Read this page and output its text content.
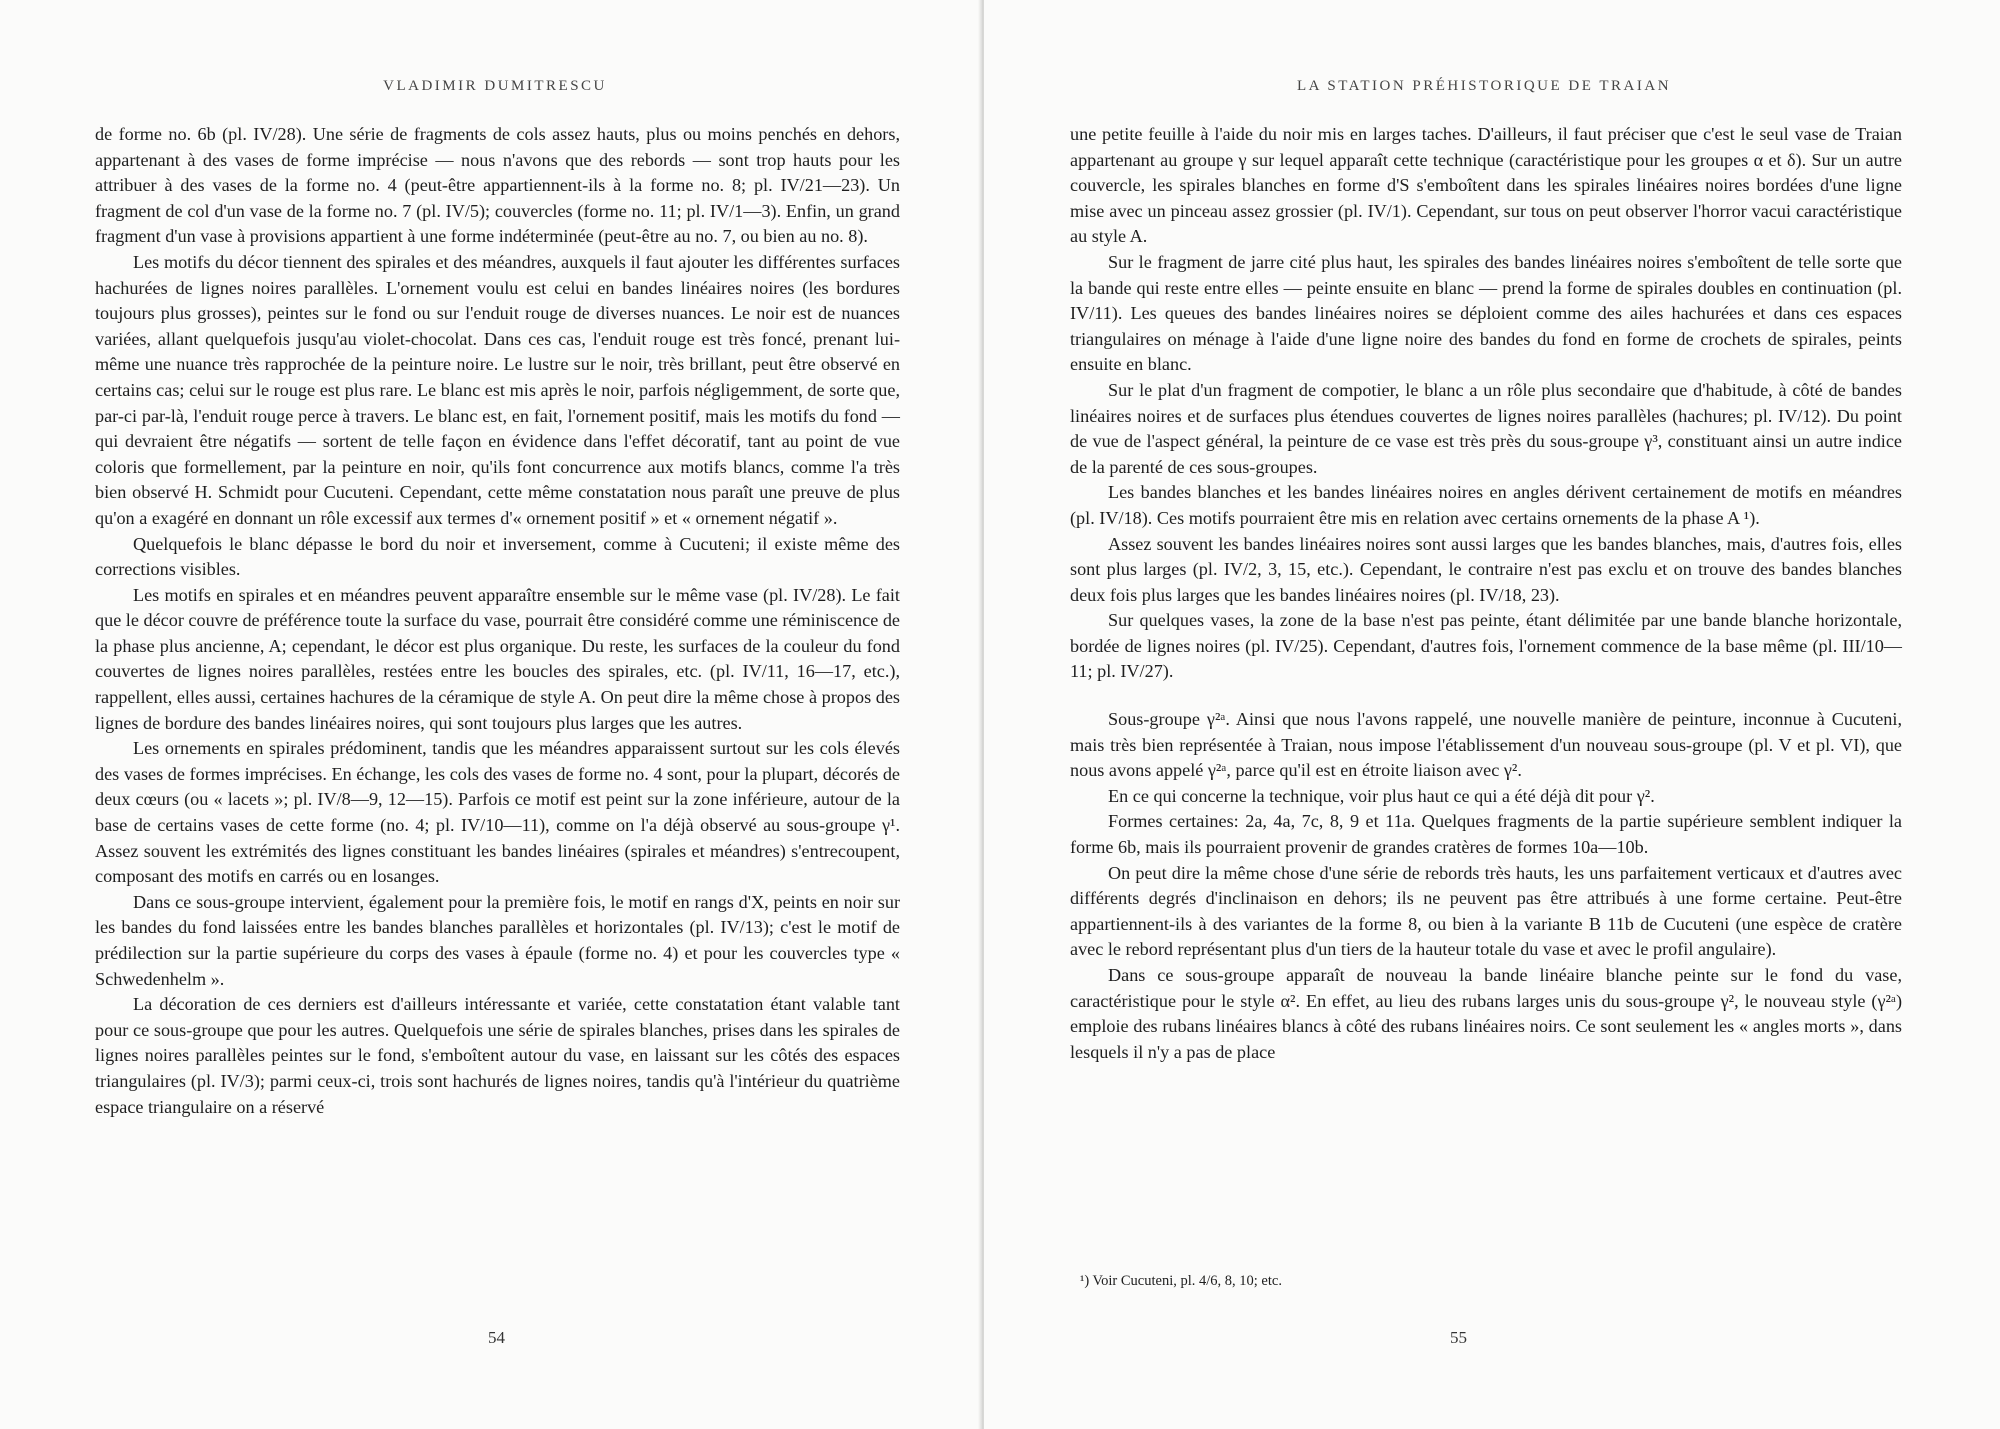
VLADIMIR DUMITRESCU

de forme no. 6b (pl. IV/28). Une série de fragments de cols assez hauts, plus ou moins penchés en dehors, appartenant à des vases de forme imprécise — nous n'avons que des rebords — sont trop hauts pour les attribuer à des vases de la forme no. 4 (peut-être appartiennent-ils à la forme no. 8; pl. IV/21—23). Un fragment de col d'un vase de la forme no. 7 (pl. IV/5); couvercles (forme no. 11; pl. IV/1—3). Enfin, un grand fragment d'un vase à provisions appartient à une forme indéterminée (peut-être au no. 7, ou bien au no. 8).

Les motifs du décor tiennent des spirales et des méandres, auxquels il faut ajouter les différentes surfaces hachurées de lignes noires parallèles. L'ornement voulu est celui en bandes linéaires noires (les bordures toujours plus grosses), peintes sur le fond ou sur l'enduit rouge de diverses nuances. Le noir est de nuances variées, allant quelquefois jusqu'au violet-chocolat. Dans ces cas, l'enduit rouge est très foncé, prenant lui-même une nuance très rapprochée de la peinture noire. Le lustre sur le noir, très brillant, peut être observé en certains cas; celui sur le rouge est plus rare. Le blanc est mis après le noir, parfois négligemment, de sorte que, par-ci par-là, l'enduit rouge perce à travers. Le blanc est, en fait, l'ornement positif, mais les motifs du fond — qui devraient être négatifs — sortent de telle façon en évidence dans l'effet décoratif, tant au point de vue coloris que formellement, par la peinture en noir, qu'ils font concurrence aux motifs blancs, comme l'a très bien observé H. Schmidt pour Cucuteni. Cependant, cette même constatation nous paraît une preuve de plus qu'on a exagéré en donnant un rôle excessif aux termes d'« ornement positif » et « ornement négatif ».

Quelquefois le blanc dépasse le bord du noir et inversement, comme à Cucuteni; il existe même des corrections visibles.

Les motifs en spirales et en méandres peuvent apparaître ensemble sur le même vase (pl. IV/28). Le fait que le décor couvre de préférence toute la surface du vase, pourrait être considéré comme une réminiscence de la phase plus ancienne, A; cependant, le décor est plus organique. Du reste, les surfaces de la couleur du fond couvertes de lignes noires parallèles, restées entre les boucles des spirales, etc. (pl. IV/11, 16—17, etc.), rappellent, elles aussi, certaines hachures de la céramique de style A. On peut dire la même chose à propos des lignes de bordure des bandes linéaires noires, qui sont toujours plus larges que les autres.

Les ornements en spirales prédominent, tandis que les méandres apparaissent surtout sur les cols élevés des vases de formes imprécises. En échange, les cols des vases de forme no. 4 sont, pour la plupart, décorés de deux cœurs (ou « lacets »; pl. IV/8—9, 12—15). Parfois ce motif est peint sur la zone inférieure, autour de la base de certains vases de cette forme (no. 4; pl. IV/10—11), comme on l'a déjà observé au sous-groupe γ¹. Assez souvent les extrémités des lignes constituant les bandes linéaires (spirales et méandres) s'entrecoupent, composant des motifs en carrés ou en losanges.

Dans ce sous-groupe intervient, également pour la première fois, le motif en rangs d'X, peints en noir sur les bandes du fond laissées entre les bandes blanches parallèles et horizontales (pl. IV/13); c'est le motif de prédilection sur la partie supérieure du corps des vases à épaule (forme no. 4) et pour les couvercles type « Schwedenhelm ».

La décoration de ces derniers est d'ailleurs intéressante et variée, cette constatation étant valable tant pour ce sous-groupe que pour les autres. Quelquefois une série de spirales blanches, prises dans les spirales de lignes noires parallèles peintes sur le fond, s'emboîtent autour du vase, en laissant sur les côtés des espaces triangulaires (pl. IV/3); parmi ceux-ci, trois sont hachurés de lignes noires, tandis qu'à l'intérieur du quatrième espace triangulaire on a réservé

54
LA STATION PRÉHISTORIQUE DE TRAIAN

une petite feuille à l'aide du noir mis en larges taches. D'ailleurs, il faut préciser que c'est le seul vase de Traian appartenant au groupe γ sur lequel apparaît cette technique (caractéristique pour les groupes α et δ). Sur un autre couvercle, les spirales blanches en forme d'S s'emboîtent dans les spirales linéaires noires bordées d'une ligne mise avec un pinceau assez grossier (pl. IV/1). Cependant, sur tous on peut observer l'horror vacui caractéristique au style A.

Sur le fragment de jarre cité plus haut, les spirales des bandes linéaires noires s'emboîtent de telle sorte que la bande qui reste entre elles — peinte ensuite en blanc — prend la forme de spirales doubles en continuation (pl. IV/11). Les queues des bandes linéaires noires se déploient comme des ailes hachurées et dans ces espaces triangulaires on ménage à l'aide d'une ligne noire des bandes du fond en forme de crochets de spirales, peints ensuite en blanc.

Sur le plat d'un fragment de compotier, le blanc a un rôle plus secondaire que d'habitude, à côté de bandes linéaires noires et de surfaces plus étendues couvertes de lignes noires parallèles (hachures; pl. IV/12). Du point de vue de l'aspect général, la peinture de ce vase est très près du sous-groupe γ³, constituant ainsi un autre indice de la parenté de ces sous-groupes.

Les bandes blanches et les bandes linéaires noires en angles dérivent certainement de motifs en méandres (pl. IV/18). Ces motifs pourraient être mis en relation avec certains ornements de la phase A ¹).

Assez souvent les bandes linéaires noires sont aussi larges que les bandes blanches, mais, d'autres fois, elles sont plus larges (pl. IV/2, 3, 15, etc.). Cependant, le contraire n'est pas exclu et on trouve des bandes blanches deux fois plus larges que les bandes linéaires noires (pl. IV/18, 23).

Sur quelques vases, la zone de la base n'est pas peinte, étant délimitée par une bande blanche horizontale, bordée de lignes noires (pl. IV/25). Cependant, d'autres fois, l'ornement commence de la base même (pl. III/10—11; pl. IV/27).

Sous-groupe γ²ᵃ. Ainsi que nous l'avons rappelé, une nouvelle manière de peinture, inconnue à Cucuteni, mais très bien représentée à Traian, nous impose l'établissement d'un nouveau sous-groupe (pl. V et pl. VI), que nous avons appelé γ²ᵃ, parce qu'il est en étroite liaison avec γ².

En ce qui concerne la technique, voir plus haut ce qui a été déjà dit pour γ².

Formes certaines: 2a, 4a, 7c, 8, 9 et 11a. Quelques fragments de la partie supérieure semblent indiquer la forme 6b, mais ils pourraient provenir de grandes cratères de formes 10a—10b.

On peut dire la même chose d'une série de rebords très hauts, les uns parfaitement verticaux et d'autres avec différents degrés d'inclinaison en dehors; ils ne peuvent pas être attribués à une forme certaine. Peut-être appartiennent-ils à des variantes de la forme 8, ou bien à la variante B 11b de Cucuteni (une espèce de cratère avec le rebord représentant plus d'un tiers de la hauteur totale du vase et avec le profil angulaire).

Dans ce sous-groupe apparaît de nouveau la bande linéaire blanche peinte sur le fond du vase, caractéristique pour le style α². En effet, au lieu des rubans larges unis du sous-groupe γ², le nouveau style (γ²ᵃ) emploie des rubans linéaires blancs à côté des rubans linéaires noirs. Ce sont seulement les « angles morts », dans lesquels il n'y a pas de place

¹) Voir Cucuteni, pl. 4/6, 8, 10; etc.
55
